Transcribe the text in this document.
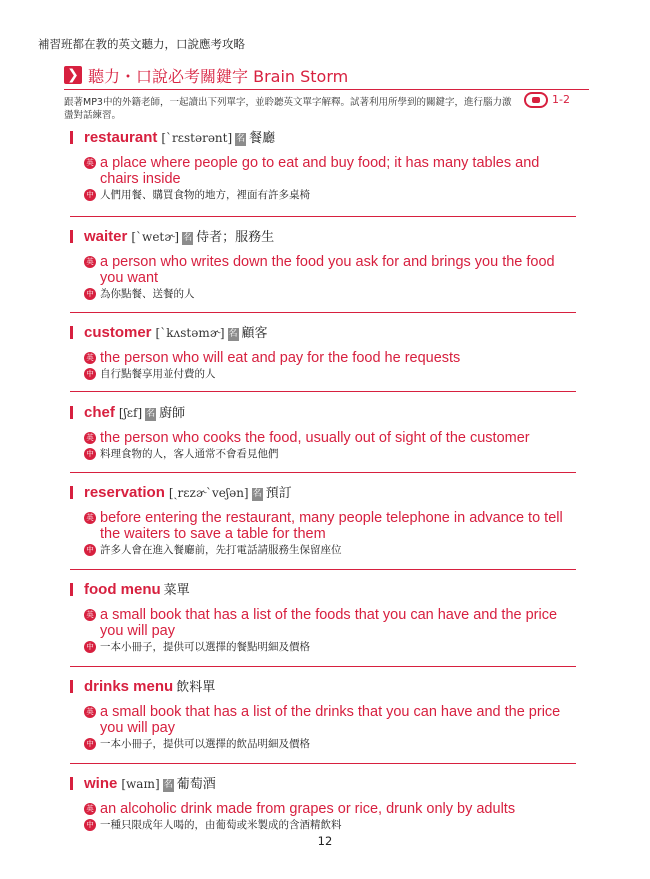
補習班都在教的英文聽力，口說應考攻略
❯ 聽力・口說必考關鍵字 Brain Storm
跟著MP3中的外籍老師，一起讀出下列單字，並聆聽英文單字解釋。試著利用所學到的關鍵字，進行腦力激盪對話練習。
1-2
restaurant [ˋrɛstərənt] 名 餐廳
英 a place where people go to eat and buy food; it has many tables and chairs inside
中 人們用餐、購買食物的地方，裡面有許多桌椅
waiter [ˋwetɚ] 名 侍者；服務生
英 a person who writes down the food you ask for and brings you the food you want
中 為你點餐、送餐的人
customer [ˋkʌstəmɚ] 名 顧客
英 the person who will eat and pay for the food he requests
中 自行點餐享用並付費的人
chef [ʃɛf] 名 廚師
英 the person who cooks the food, usually out of sight of the customer
中 料理食物的人，客人通常不會看見他們
reservation [ˏrɛzɚˋveʃən] 名 預訂
英 before entering the restaurant, many people telephone in advance to tell the waiters to save a table for them
中 許多人會在進入餐廳前，先打電話請服務生保留座位
food menu 菜單
英 a small book that has a list of the foods that you can have and the price you will pay
中 一本小冊子，提供可以選擇的餐點明細及價格
drinks menu 飲料單
英 a small book that has a list of the drinks that you can have and the price you will pay
中 一本小冊子，提供可以選擇的飲品明細及價格
wine [waɪn] 名 葡萄酒
英 an alcoholic drink made from grapes or rice, drunk only by adults
中 一種只限成年人喝的，由葡萄或米製成的含酒精飲料
12
